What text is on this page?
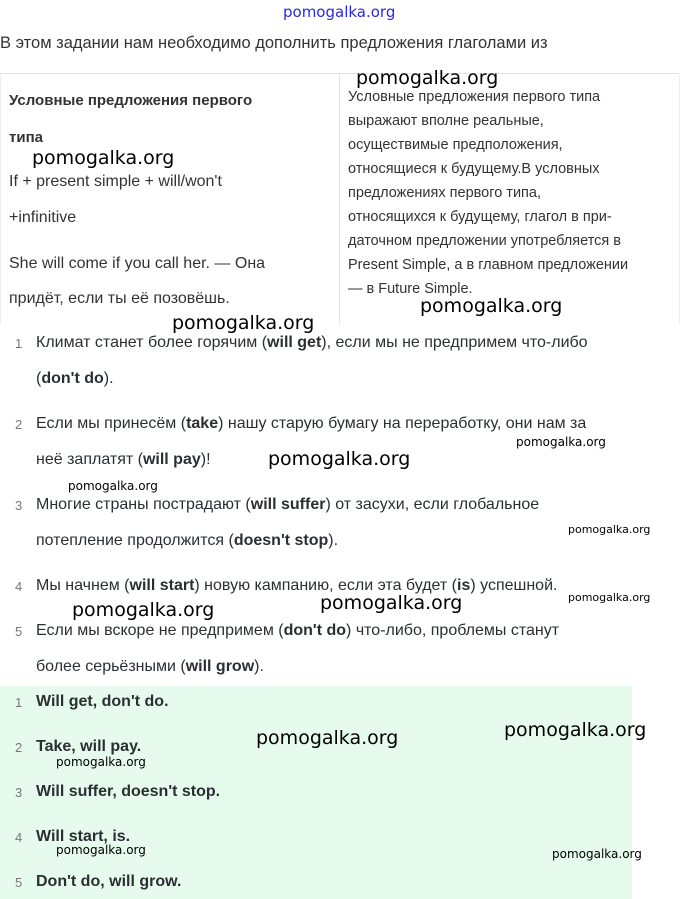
pomogalka.org
В этом задании нам необходимо дополнить предложения глаголами из
Условные предложения первого
типа
If + present simple + will/won't
+infinitive
She will come if you call her. — Она
придёт, если ты её позовёшь.
Условные предложения первого типа
выражают вполне реальные,
осуществимые предположения,
относящиеся к будущему.В условных
предложениях первого типа,
относящихся к будущему, глагол в при-
даточном предложении употребляется в
Present Simple, а в главном предложении
— в Future Simple.
1 Климат станет более горячим (will get), если мы не предпримем что-либо
(don't do).
2 Если мы принесём (take) нашу старую бумагу на переработку, они нам за
неё заплатят (will pay)!
3 Многие страны пострадают (will suffer) от засухи, если глобальное
потепление продолжится (doesn't stop).
4 Мы начнем (will start) новую кампанию, если эта будет (is) успешной.
5 Если мы вскоре не предпримем (don't do) что-либо, проблемы станут
более серьёзными (will grow).
1 Will get, don't do.
2 Take, will pay.
3 Will suffer, doesn't stop.
4 Will start, is.
5 Don't do, will grow.
pomogalka.org
pomogalka.org
pomogalka.org
pomogalka.org
pomogalka.org
pomogalka.org
pomogalka.org
pomogalka.org
pomogalka.org
pomogalka.org
pomogalka.org
pomogalka.org	pomogalka.org
pomogalka.org
pomogalka.org	pomogalka.org
